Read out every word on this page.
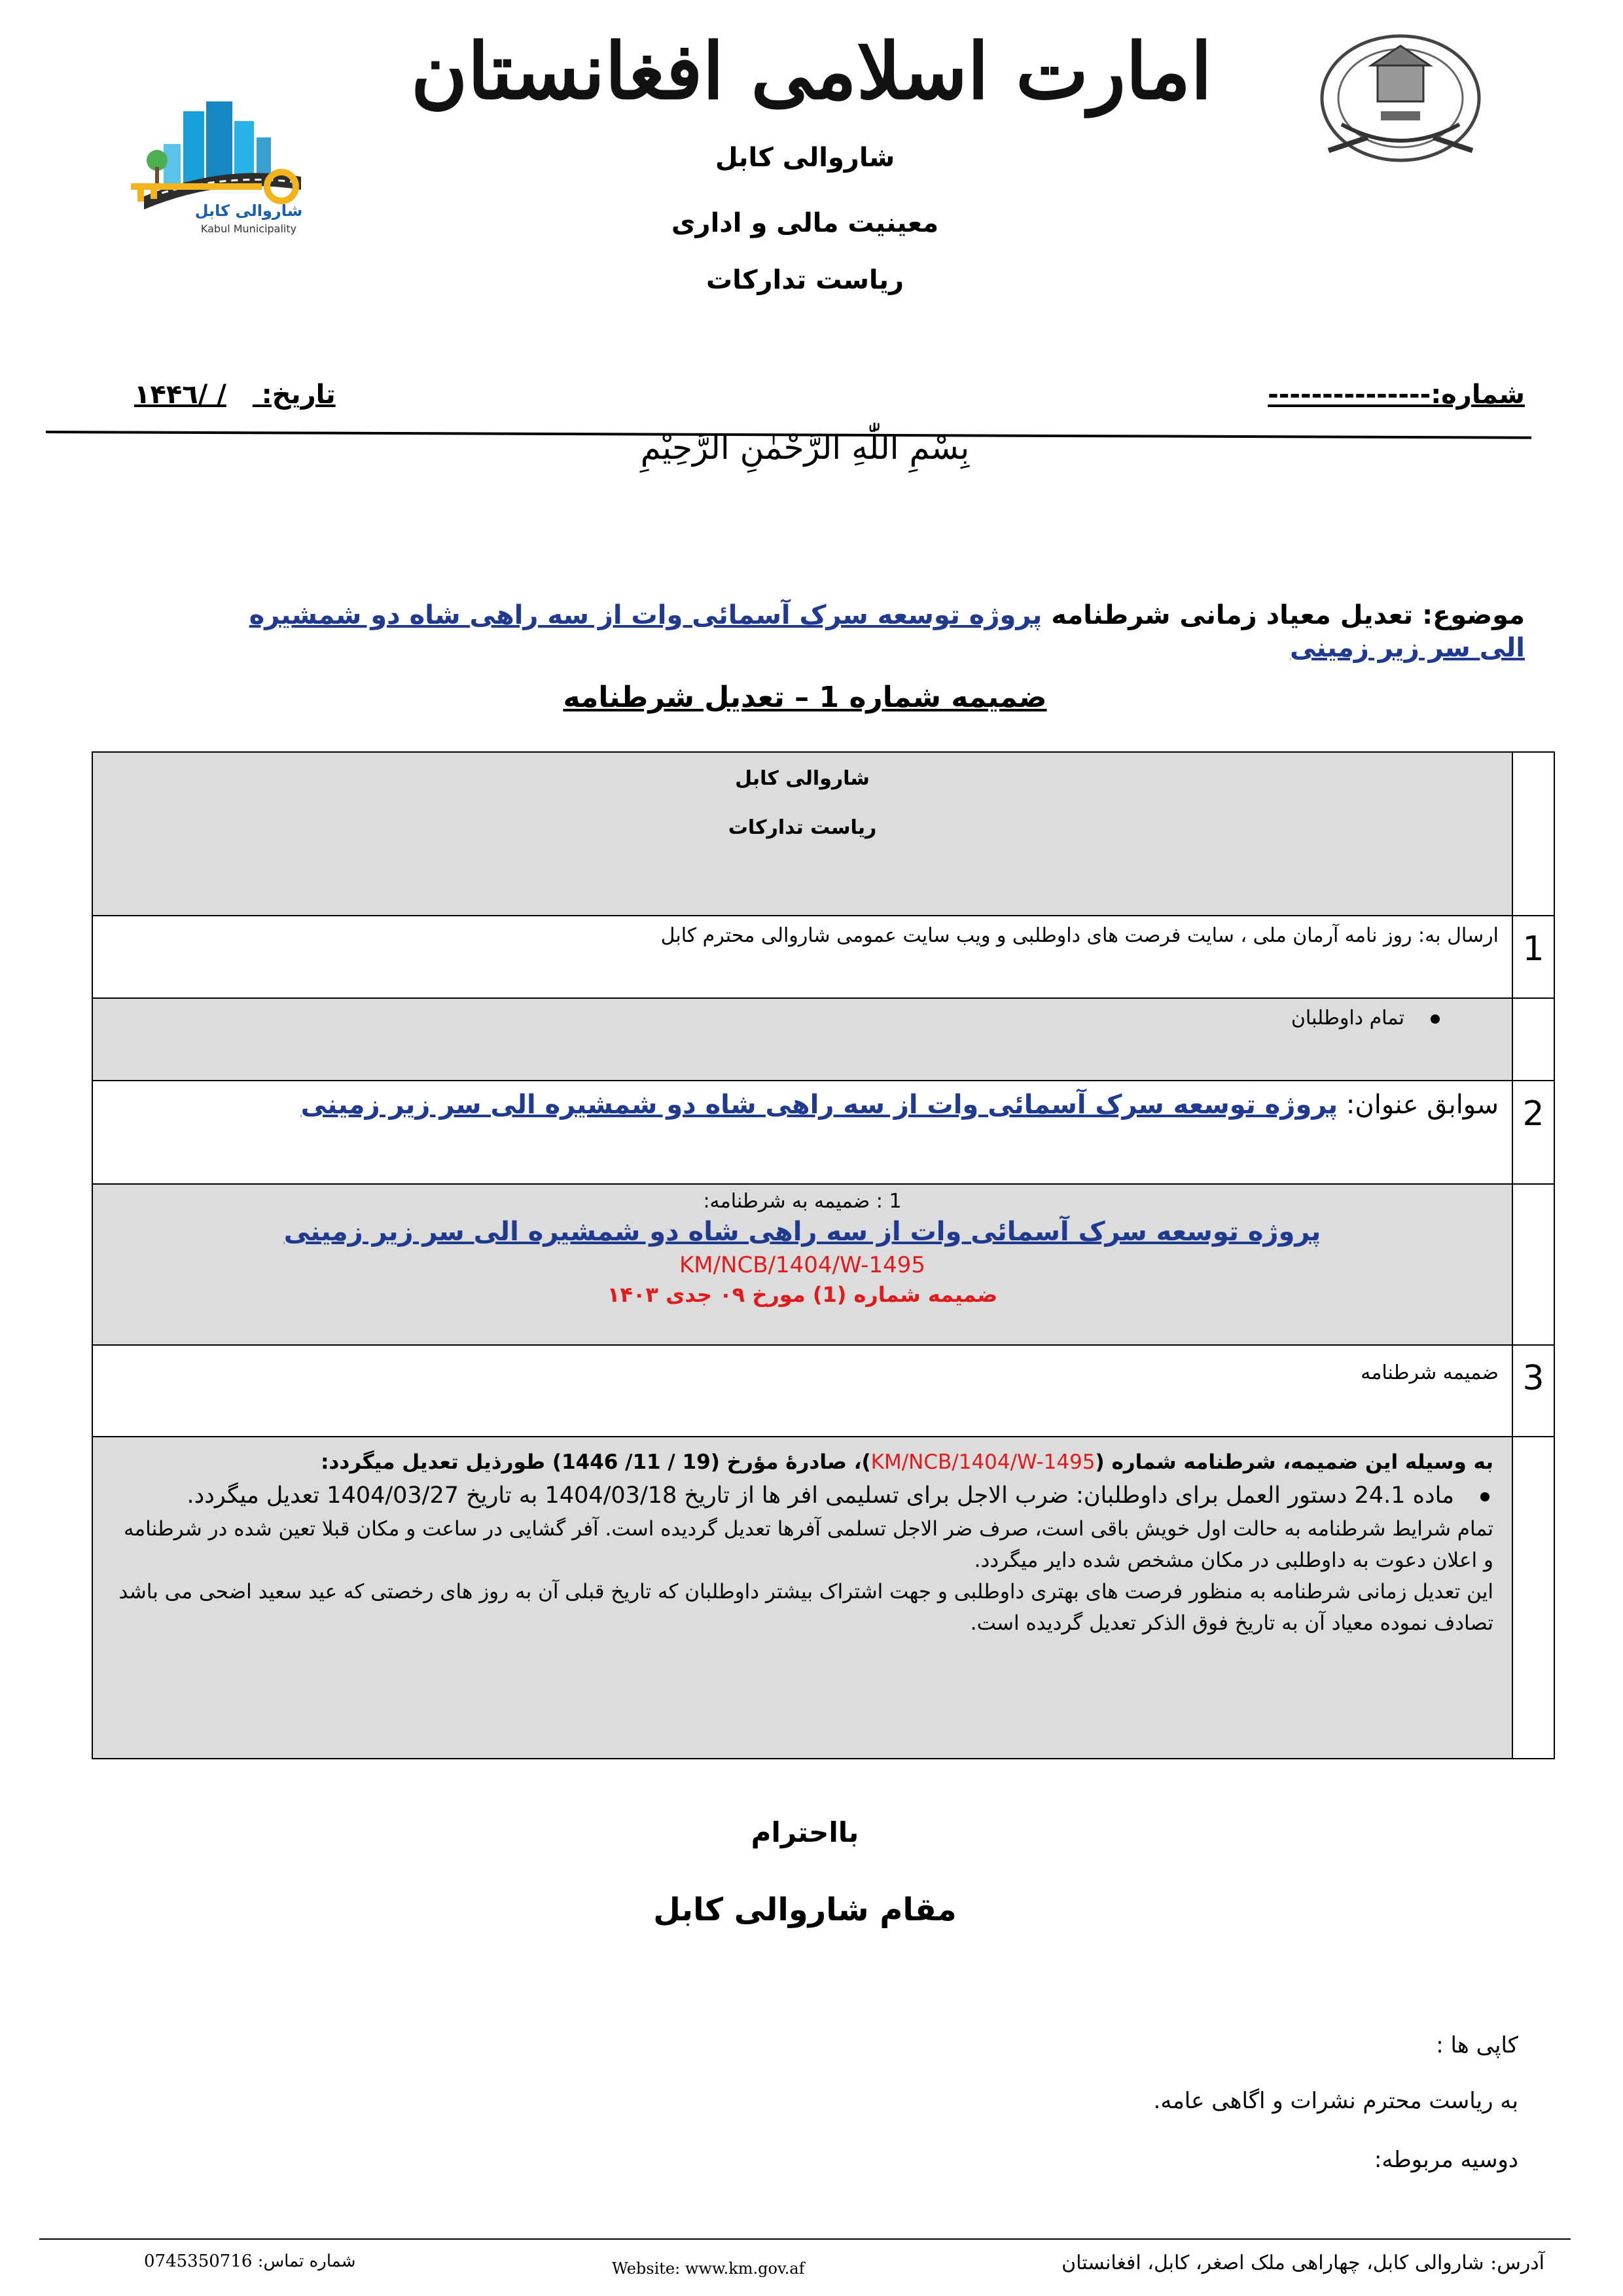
امارت اسلامی افغانستان
شاروالی کابل
Kabul Municipality
شاروالی کابل
معینیت مالی و اداری
ریاست تدارکات
شماره:---------------
تاریخ: / /۱۴۴٦
بِسْمِ اللّٰهِ الرَّحْمٰنِ الرَّحِيْمِ
موضوع: تعدیل معیاد زمانی شرطنامه پروژه توسعه سرک آسمائی وات از سه راهی شاه دو شمشیره الی سر زیر زمینی
ضمیمه شماره 1 – تعدیل شرطنامه
شاروالی کابل
ریاست تدارکات
1
ارسال به: روز نامه آرمان ملی ، سایت فرصت های داوطلبی و ویب سایت عمومی شاروالی محترم کابل
تمام داوطلبان
2
سوابق عنوان: پروژه توسعه سرک آسمائی وات از سه راهی شاه دو شمشیره الی سر زیر زمینی
1 : ضمیمه به شرطنامه:
پروژه توسعه سرک آسمائی وات از سه راهی شاه دو شمشیره الی سر زیر زمینی
KM/NCB/1404/W-1495
ضمیمه شماره (1) مورخ ۰۹ جدی ۱۴۰۳
3
ضمیمه شرطنامه
به وسیله این ضمیمه، شرطنامه شماره (KM/NCB/1404/W-1495)، صادرۀ مؤرخ (19 / 11/ 1446) طورذیل تعدیل میگردد:
ماده 24.1 دستور العمل برای داوطلبان: ضرب الاجل برای تسلیمی افر ها از تاریخ 1404/03/18 به تاریخ 1404/03/27 تعدیل میگردد.
تمام شرایط شرطنامه به حالت اول خویش باقی است، صرف ضر الاجل تسلمی آفرها تعدیل گردیده است. آفر گشایی در ساعت و مکان قبلا تعین شده در شرطنامه و اعلان دعوت به داوطلبی در مکان مشخص شده دایر میگردد.
این تعدیل زمانی شرطنامه به منظور فرصت های بهتری داوطلبی و جهت اشتراک بیشتر داوطلبان که تاریخ قبلی آن به روز های رخصتی که عید سعید اضحی می باشد تصادف نموده معیاد آن به تاریخ فوق الذکر تعدیل گردیده است.
بااحترام
مقام شاروالی کابل
کاپی ها :
به ریاست محترم نشرات و اگاهی عامه.
دوسیه مربوطه:
آدرس: شاروالی کابل، چهاراهی ملک اصغر، کابل، افغانستان
Website: www.km.gov.af
شماره تماس: 0745350716
